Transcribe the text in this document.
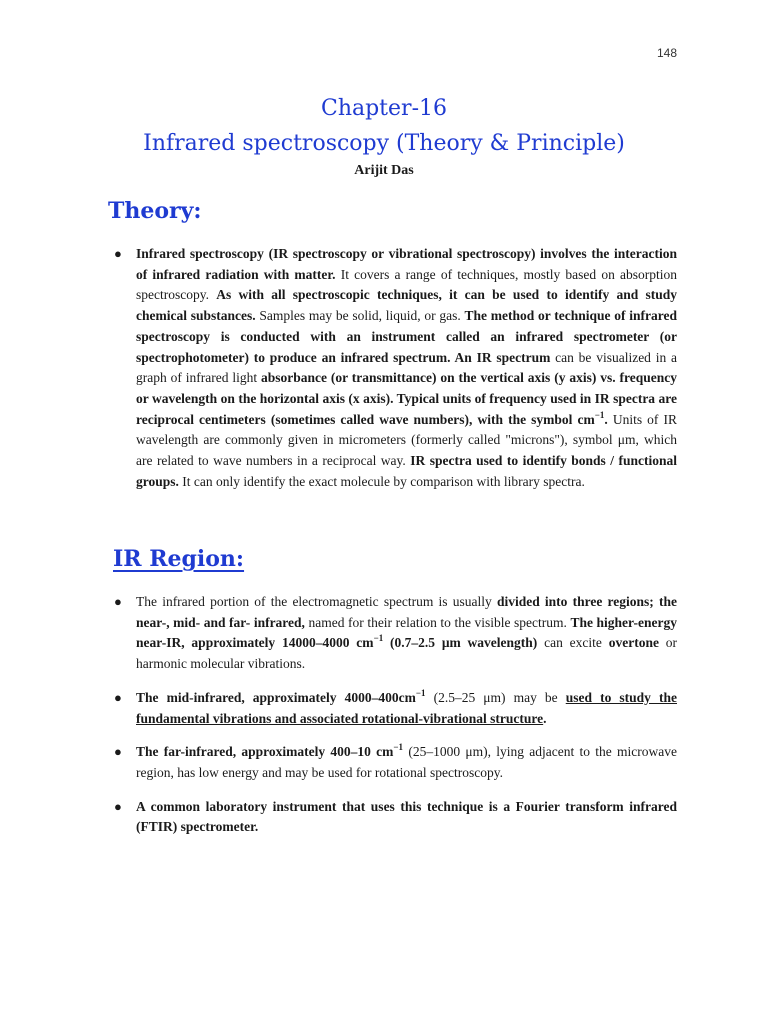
148
Chapter-16
Infrared spectroscopy (Theory & Principle)
Arijit Das
Theory:
● Infrared spectroscopy (IR spectroscopy or vibrational spectroscopy) involves the interaction of infrared radiation with matter. It covers a range of techniques, mostly based on absorption spectroscopy. As with all spectroscopic techniques, it can be used to identify and study chemical substances. Samples may be solid, liquid, or gas. The method or technique of infrared spectroscopy is conducted with an instrument called an infrared spectrometer (or spectrophotometer) to produce an infrared spectrum. An IR spectrum can be visualized in a graph of infrared light absorbance (or transmittance) on the vertical axis (y axis) vs. frequency or wavelength on the horizontal axis (x axis). Typical units of frequency used in IR spectra are reciprocal centimeters (sometimes called wave numbers), with the symbol $cm^{-1}$. Units of IR wavelength are commonly given in micrometers (formerly called "microns"), symbol μm, which are related to wave numbers in a reciprocal way. IR spectra used to identify bonds / functional groups. It can only identify the exact molecule by comparison with library spectra.
IR Region:
● The infrared portion of the electromagnetic spectrum is usually divided into three regions; the near-, mid- and far- infrared, named for their relation to the visible spectrum. The higher-energy near-IR, approximately 14000–4000 $cm^{-1}$ (0.7–2.5 μm wavelength) can excite overtone or harmonic molecular vibrations.
● The mid-infrared, approximately $4000-400cm^{-1}$ (2.5–25 μm) may be used to study the fundamental vibrations and associated rotational-vibrational structure.
● The far-infrared, approximately 400–10 $cm^{-1}$ (25–1000 μm), lying adjacent to the microwave region, has low energy and may be used for rotational spectroscopy.
● A common laboratory instrument that uses this technique is a Fourier transform infrared (FTIR) spectrometer.
